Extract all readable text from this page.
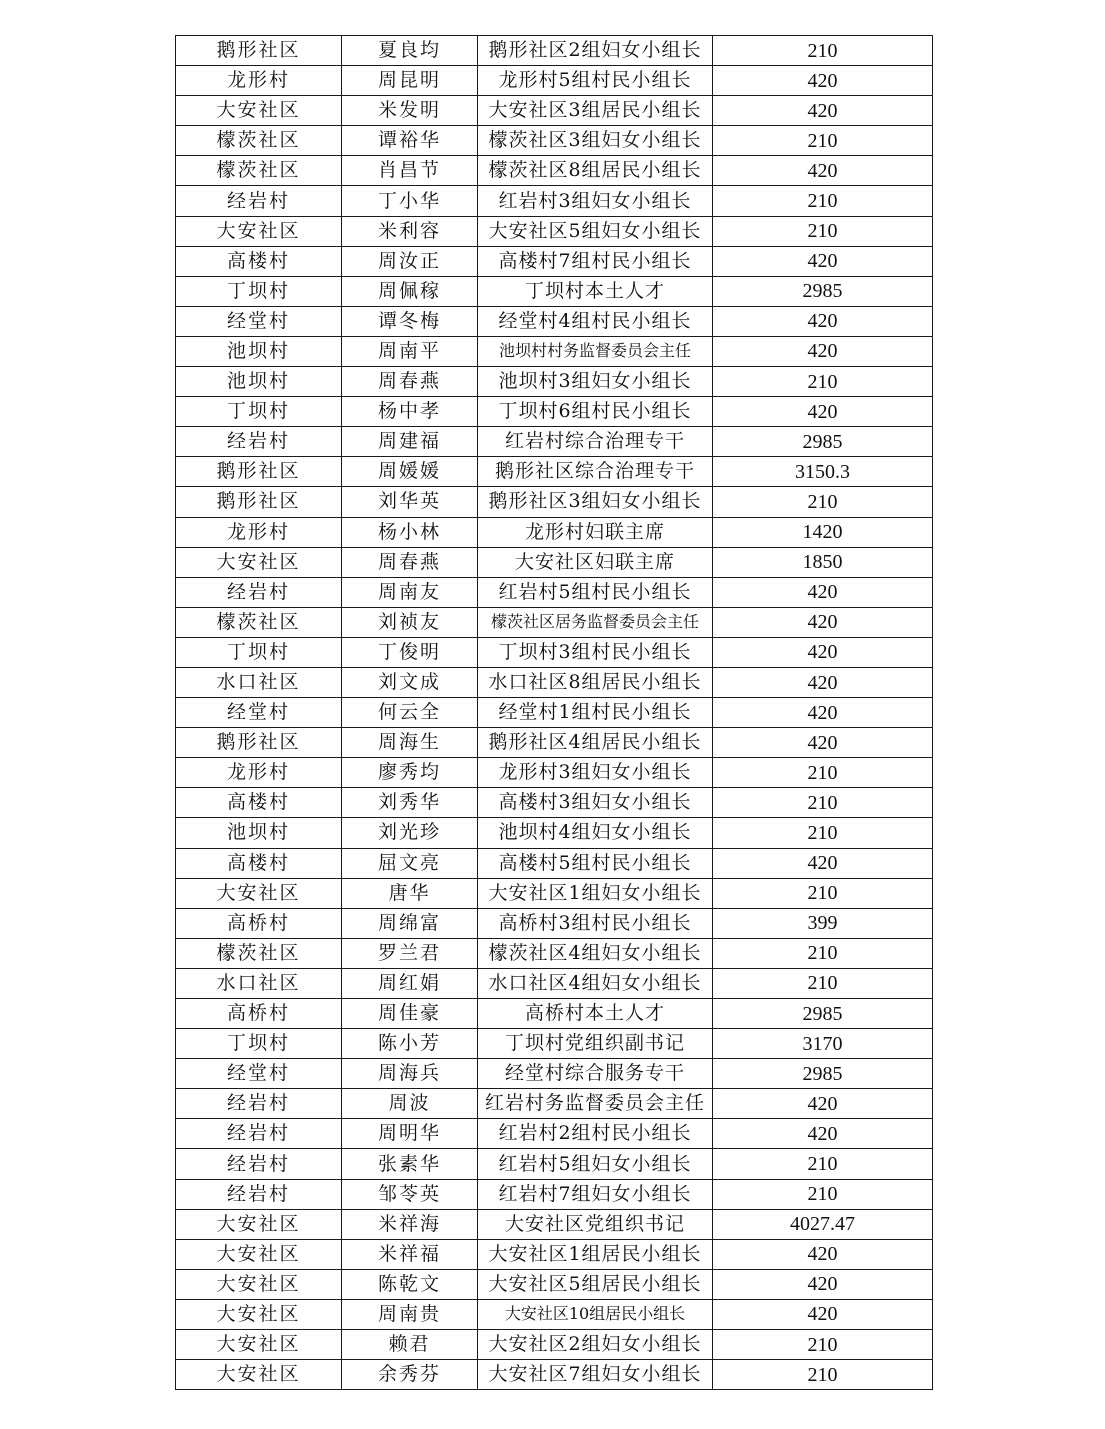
鹅形社区	夏良均	鹅形社区2组妇女小组长	210
龙形村	周昆明	龙形村5组村民小组长	420
大安社区	米发明	大安社区3组居民小组长	420
檬茨社区	谭裕华	檬茨社区3组妇女小组长	210
檬茨社区	肖昌节	檬茨社区8组居民小组长	420
经岩村	丁小华	红岩村3组妇女小组长	210
大安社区	米利容	大安社区5组妇女小组长	210
高楼村	周汝正	高楼村7组村民小组长	420
丁坝村	周佩稼	丁坝村本土人才	2985
经堂村	谭冬梅	经堂村4组村民小组长	420
池坝村	周南平	池坝村村务监督委员会主任	420
池坝村	周春燕	池坝村3组妇女小组长	210
丁坝村	杨中孝	丁坝村6组村民小组长	420
经岩村	周建福	红岩村综合治理专干	2985
鹅形社区	周媛媛	鹅形社区综合治理专干	3150.3
鹅形社区	刘华英	鹅形社区3组妇女小组长	210
龙形村	杨小林	龙形村妇联主席	1420
大安社区	周春燕	大安社区妇联主席	1850
经岩村	周南友	红岩村5组村民小组长	420
檬茨社区	刘祯友	檬茨社区居务监督委员会主任	420
丁坝村	丁俊明	丁坝村3组村民小组长	420
水口社区	刘文成	水口社区8组居民小组长	420
经堂村	何云全	经堂村1组村民小组长	420
鹅形社区	周海生	鹅形社区4组居民小组长	420
龙形村	廖秀均	龙形村3组妇女小组长	210
高楼村	刘秀华	高楼村3组妇女小组长	210
池坝村	刘光珍	池坝村4组妇女小组长	210
高楼村	屈文亮	高楼村5组村民小组长	420
大安社区	唐华	大安社区1组妇女小组长	210
高桥村	周绵富	高桥村3组村民小组长	399
檬茨社区	罗兰君	檬茨社区4组妇女小组长	210
水口社区	周红娟	水口社区4组妇女小组长	210
高桥村	周佳豪	高桥村本土人才	2985
丁坝村	陈小芳	丁坝村党组织副书记	3170
经堂村	周海兵	经堂村综合服务专干	2985
经岩村	周波	红岩村务监督委员会主任	420
经岩村	周明华	红岩村2组村民小组长	420
经岩村	张素华	红岩村5组妇女小组长	210
经岩村	邹苓英	红岩村7组妇女小组长	210
大安社区	米祥海	大安社区党组织书记	4027.47
大安社区	米祥福	大安社区1组居民小组长	420
大安社区	陈乾文	大安社区5组居民小组长	420
大安社区	周南贵	大安社区10组居民小组长	420
大安社区	赖君	大安社区2组妇女小组长	210
大安社区	余秀芬	大安社区7组妇女小组长	210
